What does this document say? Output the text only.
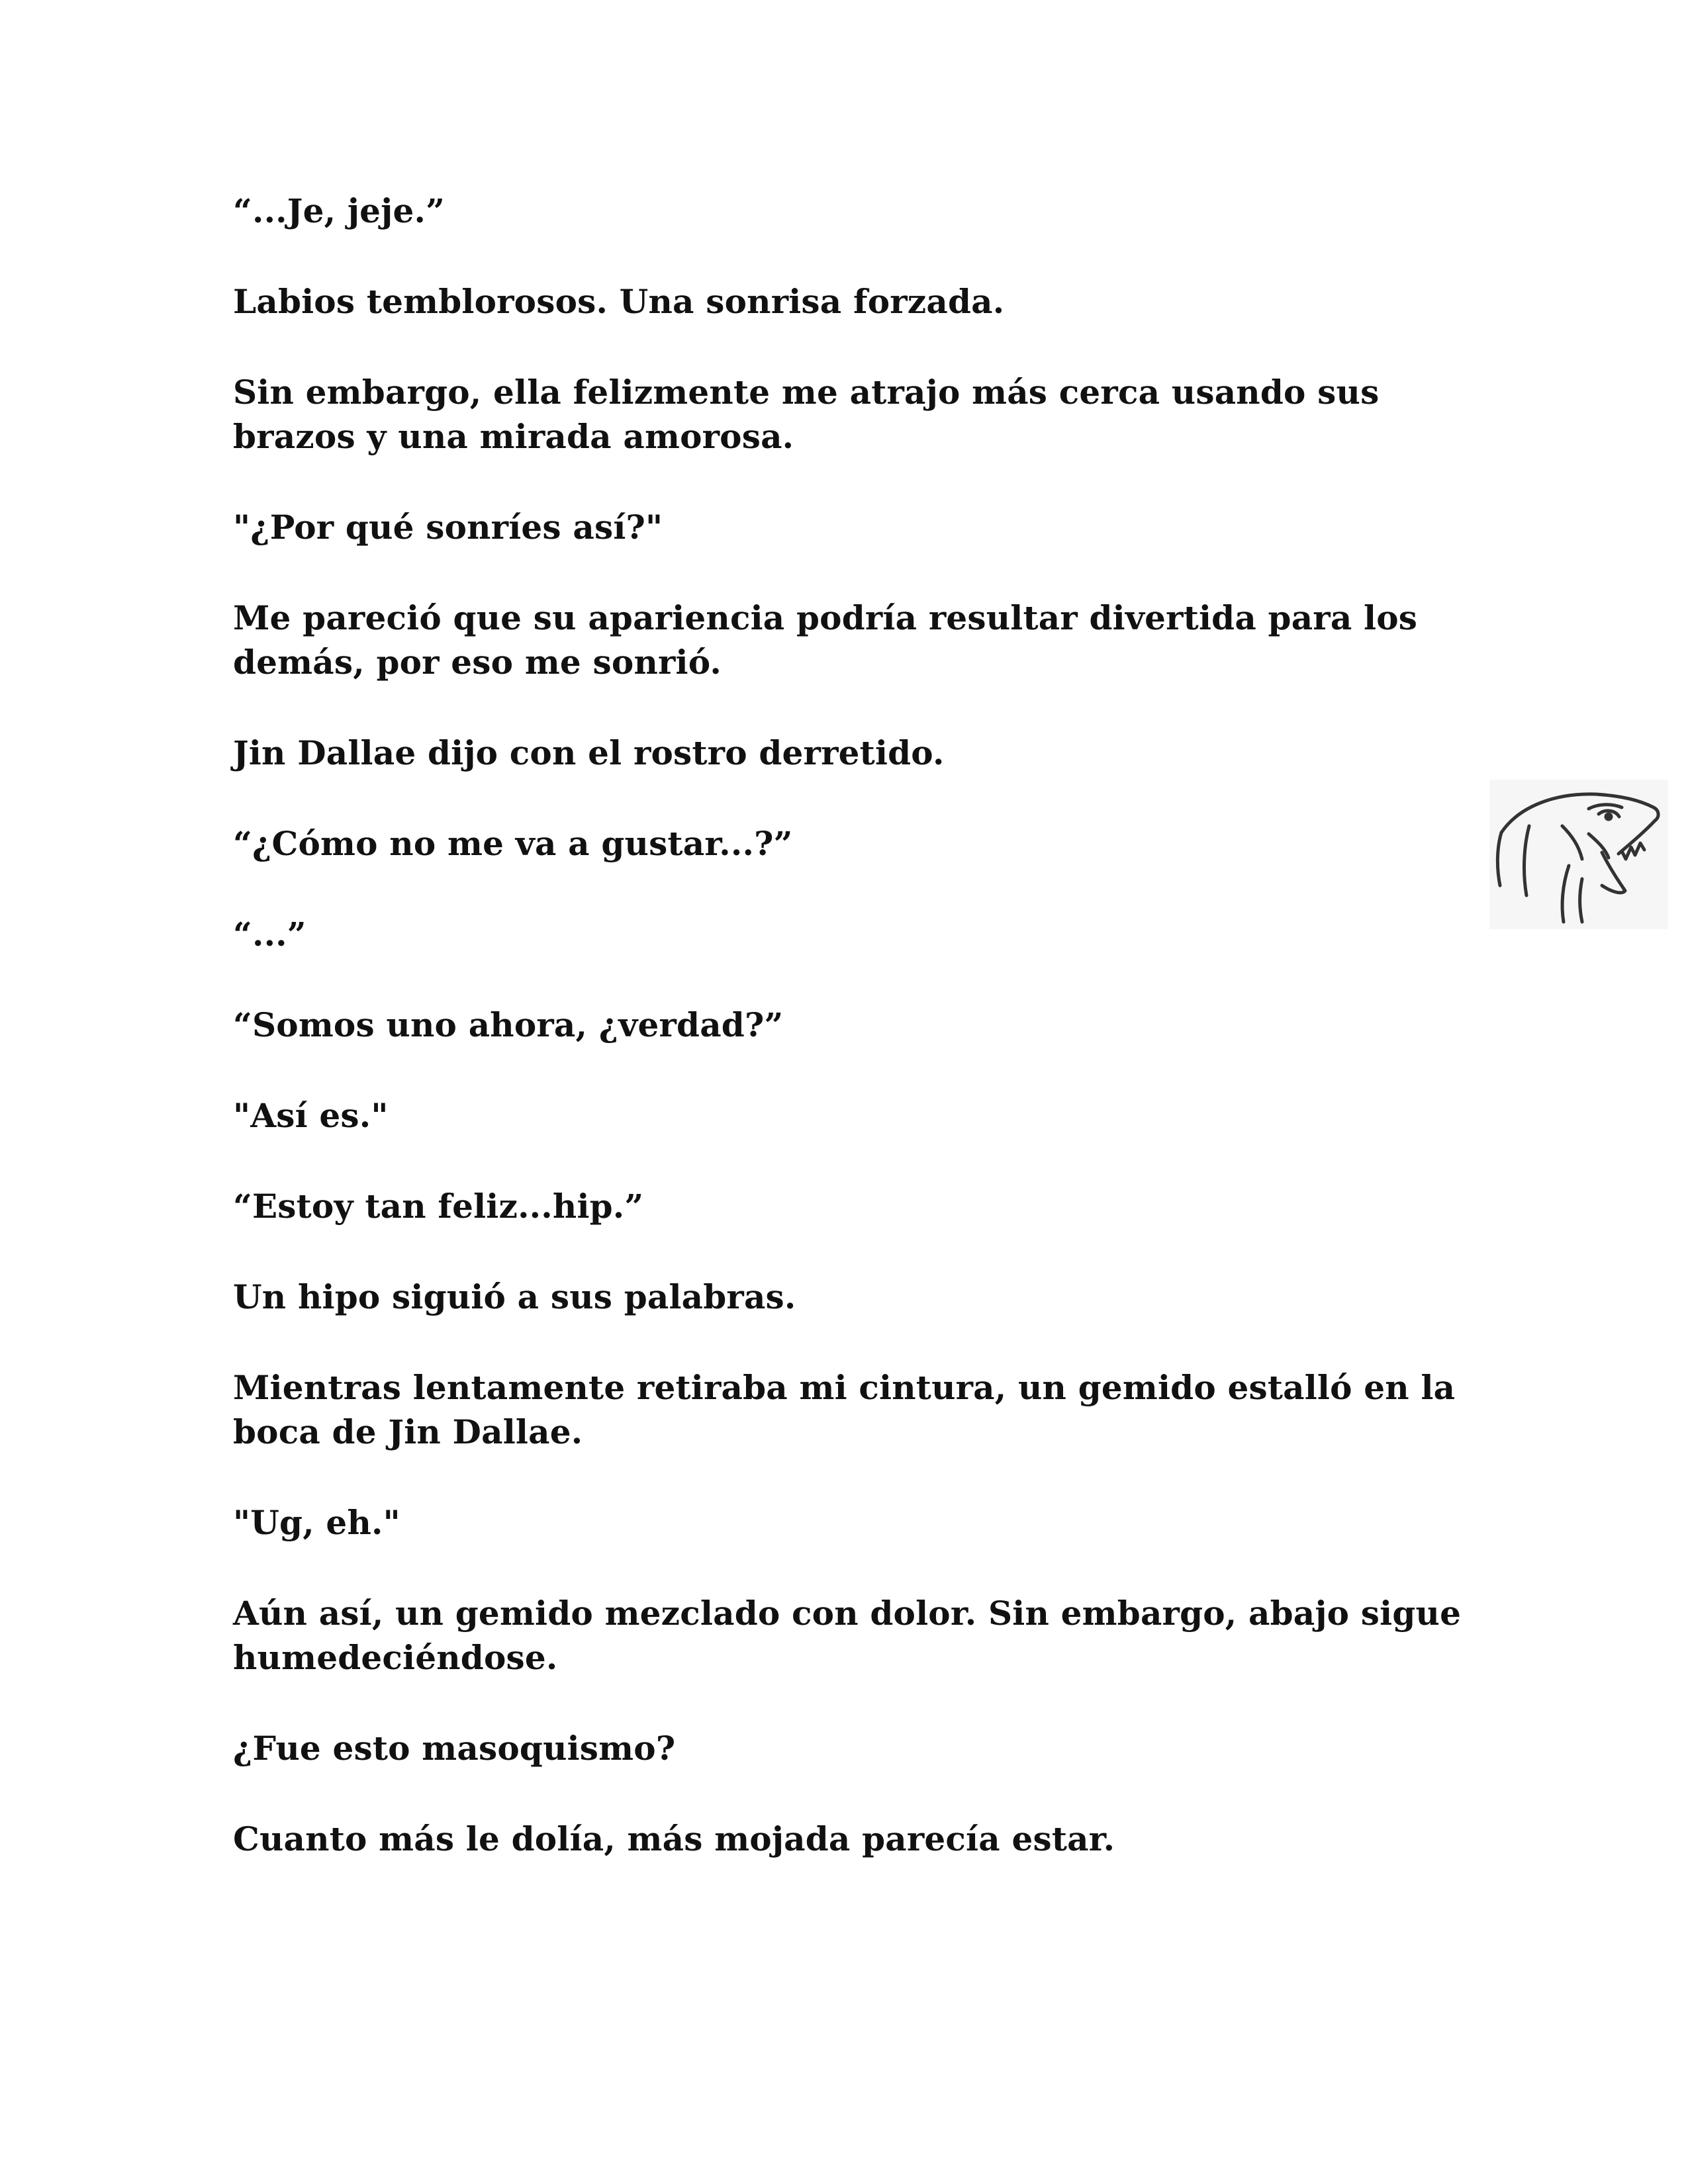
“...Je, jeje.”

Labios temblorosos. Una sonrisa forzada.

Sin embargo, ella felizmente me atrajo más cerca usando sus brazos y una mirada amorosa.

"¿Por qué sonríes así?"

Me pareció que su apariencia podría resultar divertida para los demás, por eso me sonrió.

Jin Dallae dijo con el rostro derretido.

“¿Cómo no me va a gustar...?”

“...”

“Somos uno ahora, ¿verdad?”

"Así es."

“Estoy tan feliz...hip.”

Un hipo siguió a sus palabras.

Mientras lentamente retiraba mi cintura, un gemido estalló en la boca de Jin Dallae.

"Ug, eh."

Aún así, un gemido mezclado con dolor. Sin embargo, abajo sigue humedeciéndose.

¿Fue esto masoquismo?

Cuanto más le dolía, más mojada parecía estar.
